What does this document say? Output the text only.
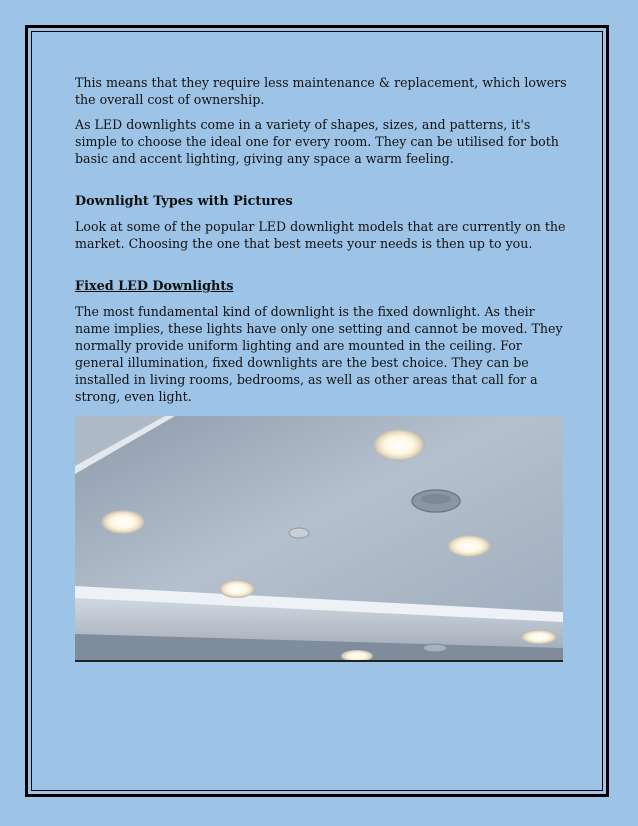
This means that they require less maintenance & replacement, which lowers the overall cost of ownership.

As LED downlights come in a variety of shapes, sizes, and patterns, it's simple to choose the ideal one for every room. They can be utilised for both basic and accent lighting, giving any space a warm feeling.

Downlight Types with Pictures

Look at some of the popular LED downlight models that are currently on the market. Choosing the one that best meets your needs is then up to you.

Fixed LED Downlights

The most fundamental kind of downlight is the fixed downlight. As their name implies, these lights have only one setting and cannot be moved. They normally provide uniform lighting and are mounted in the ceiling. For general illumination, fixed downlights are the best choice. They can be installed in living rooms, bedrooms, as well as other areas that call for a strong, even light.
